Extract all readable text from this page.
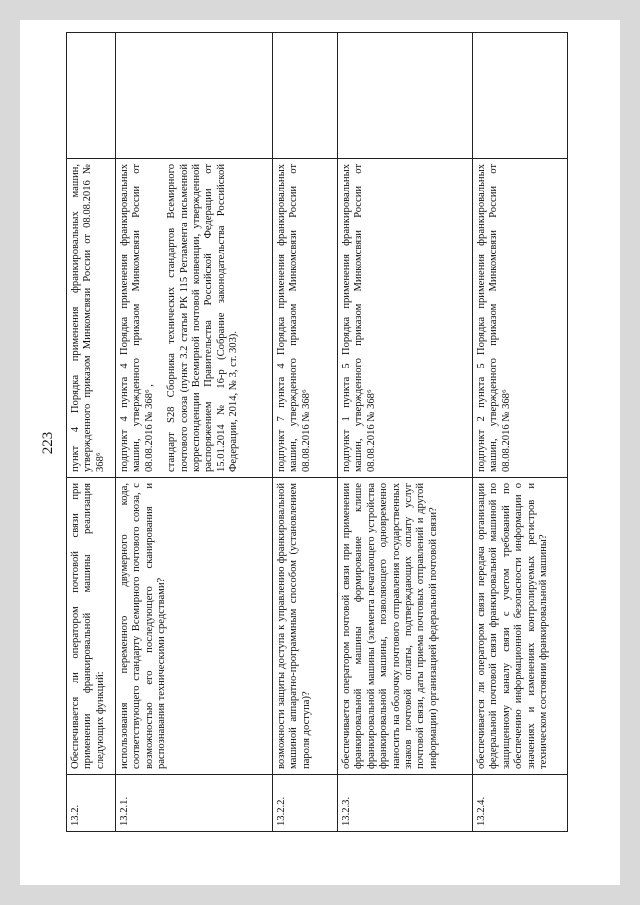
223
13.2.	Обеспечивается ли оператором почтовой связи при применении франкировальной машины реализация следующих функций:	пункт 4 Порядка применения франкировальных машин, утвержденного приказом Минкомсвязи России от 08.08.2016 № 368⁶	

13.2.1.	использования переменного двумерного кода, соответствующего стандарту Всемирного почтового союза, с возможностью его последующего сканирования и распознавания техническими средствами?	подпункт 4 пункта 4 Порядка применения франкировальных машин, утвержденного приказом Минкомсвязи России от 08.08.2016 № 368⁶ , стандарт S28 Сборника технических стандартов Всемирного почтового союза (пункт 3.2 статьи РК 115 Регламента письменной корреспонденции Всемирной почтовой конвенции, утвержденной распоряжением Правительства Российской Федерации от 15.01.2014 № 16-р (Собрание законодательства Российской Федерации, 2014, № 3, ст. 303).	

13.2.2.	возможности защиты доступа к управлению франкировальной машиной аппаратно-программным способом (установлением пароля доступа)?	подпункт 7 пункта 4 Порядка применения франкировальных машин, утвержденного приказом Минкомсвязи России от 08.08.2016 № 368⁶	

13.2.3.	обеспечивается оператором почтовой связи при применении франкировальной машины формирование клише франкировальной машины (элемента печатающего устройства франкировальной машины, позволяющего одновременно наносить на оболочку почтового отправления государственных знаков почтовой оплаты, подтверждающих оплату услуг почтовой связи, даты приема почтовых отправлений и другой информации) организацией федеральной почтовой связи?	подпункт 1 пункта 5 Порядка применения франкировальных машин, утвержденного приказом Минкомсвязи России от 08.08.2016 № 368⁶	

13.2.4.	обеспечивается ли оператором связи передача организации федеральной почтовой связи франкировальной машиной по защищенному каналу связи с учетом требований по обеспечению информационной безопасности информации о значениях и изменениях контролируемых регистров и техническом состоянии франкировальной машины?	подпункт 2 пункта 5 Порядка применения франкировальных машин, утвержденного приказом Минкомсвязи России от 08.08.2016 № 368⁶	
